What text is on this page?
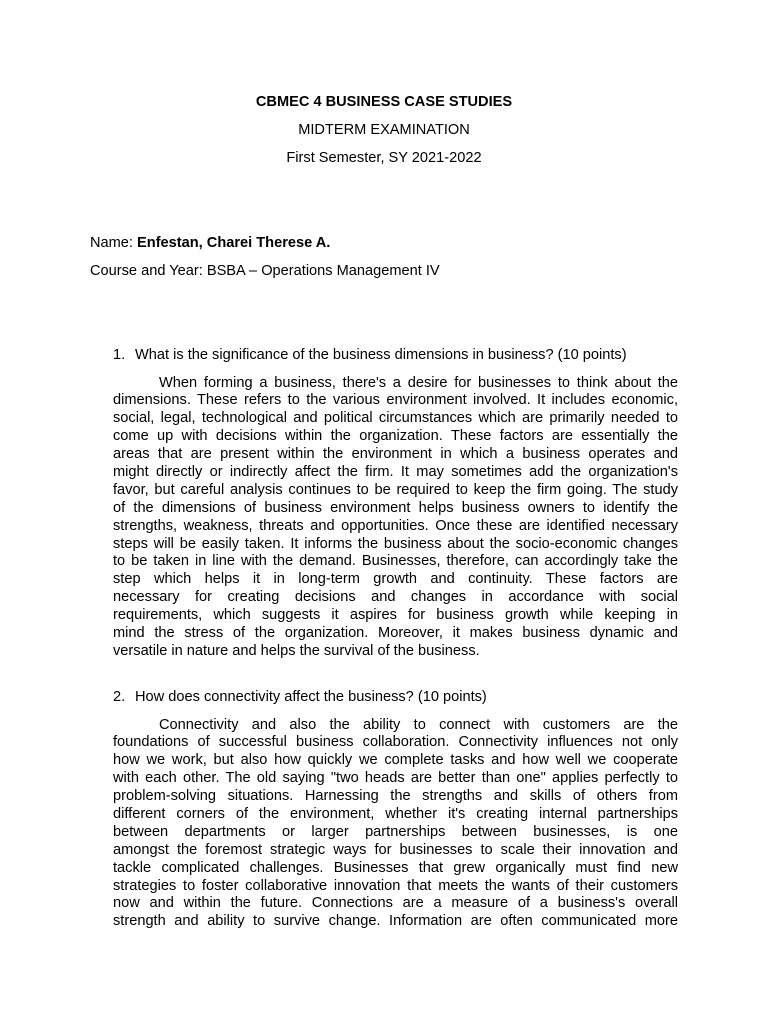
CBMEC 4 BUSINESS CASE STUDIES
MIDTERM EXAMINATION
First Semester, SY 2021-2022
Name: Enfestan, Charei Therese A.
Course and Year: BSBA – Operations Management IV
1. What is the significance of the business dimensions in business? (10 points)
When forming a business, there's a desire for businesses to think about the
dimensions. These refers to the various environment involved. It includes economic,
social, legal, technological and political circumstances which are primarily needed to
come up with decisions within the organization. These factors are essentially the
areas that are present within the environment in which a business operates and
might directly or indirectly affect the firm. It may sometimes add the organization's
favor, but careful analysis continues to be required to keep the firm going. The study
of the dimensions of business environment helps business owners to identify the
strengths, weakness, threats and opportunities. Once these are identified necessary
steps will be easily taken. It informs the business about the socio-economic changes
to be taken in line with the demand. Businesses, therefore, can accordingly take the
step which helps it in long-term growth and continuity. These factors are
necessary for creating decisions and changes in accordance with social
requirements, which suggests it aspires for business growth while keeping in
mind the stress of the organization. Moreover, it makes business dynamic and
versatile in nature and helps the survival of the business.
2. How does connectivity affect the business? (10 points)
Connectivity and also the ability to connect with customers are the
foundations of successful business collaboration. Connectivity influences not only
how we work, but also how quickly we complete tasks and how well we cooperate
with each other. The old saying "two heads are better than one" applies perfectly to
problem-solving situations. Harnessing the strengths and skills of others from
different corners of the environment, whether it's creating internal partnerships
between departments or larger partnerships between businesses, is one
amongst the foremost strategic ways for businesses to scale their innovation and
tackle complicated challenges. Businesses that grew organically must find new
strategies to foster collaborative innovation that meets the wants of their customers
now and within the future. Connections are a measure of a business's overall
strength and ability to survive change. Information are often communicated more
